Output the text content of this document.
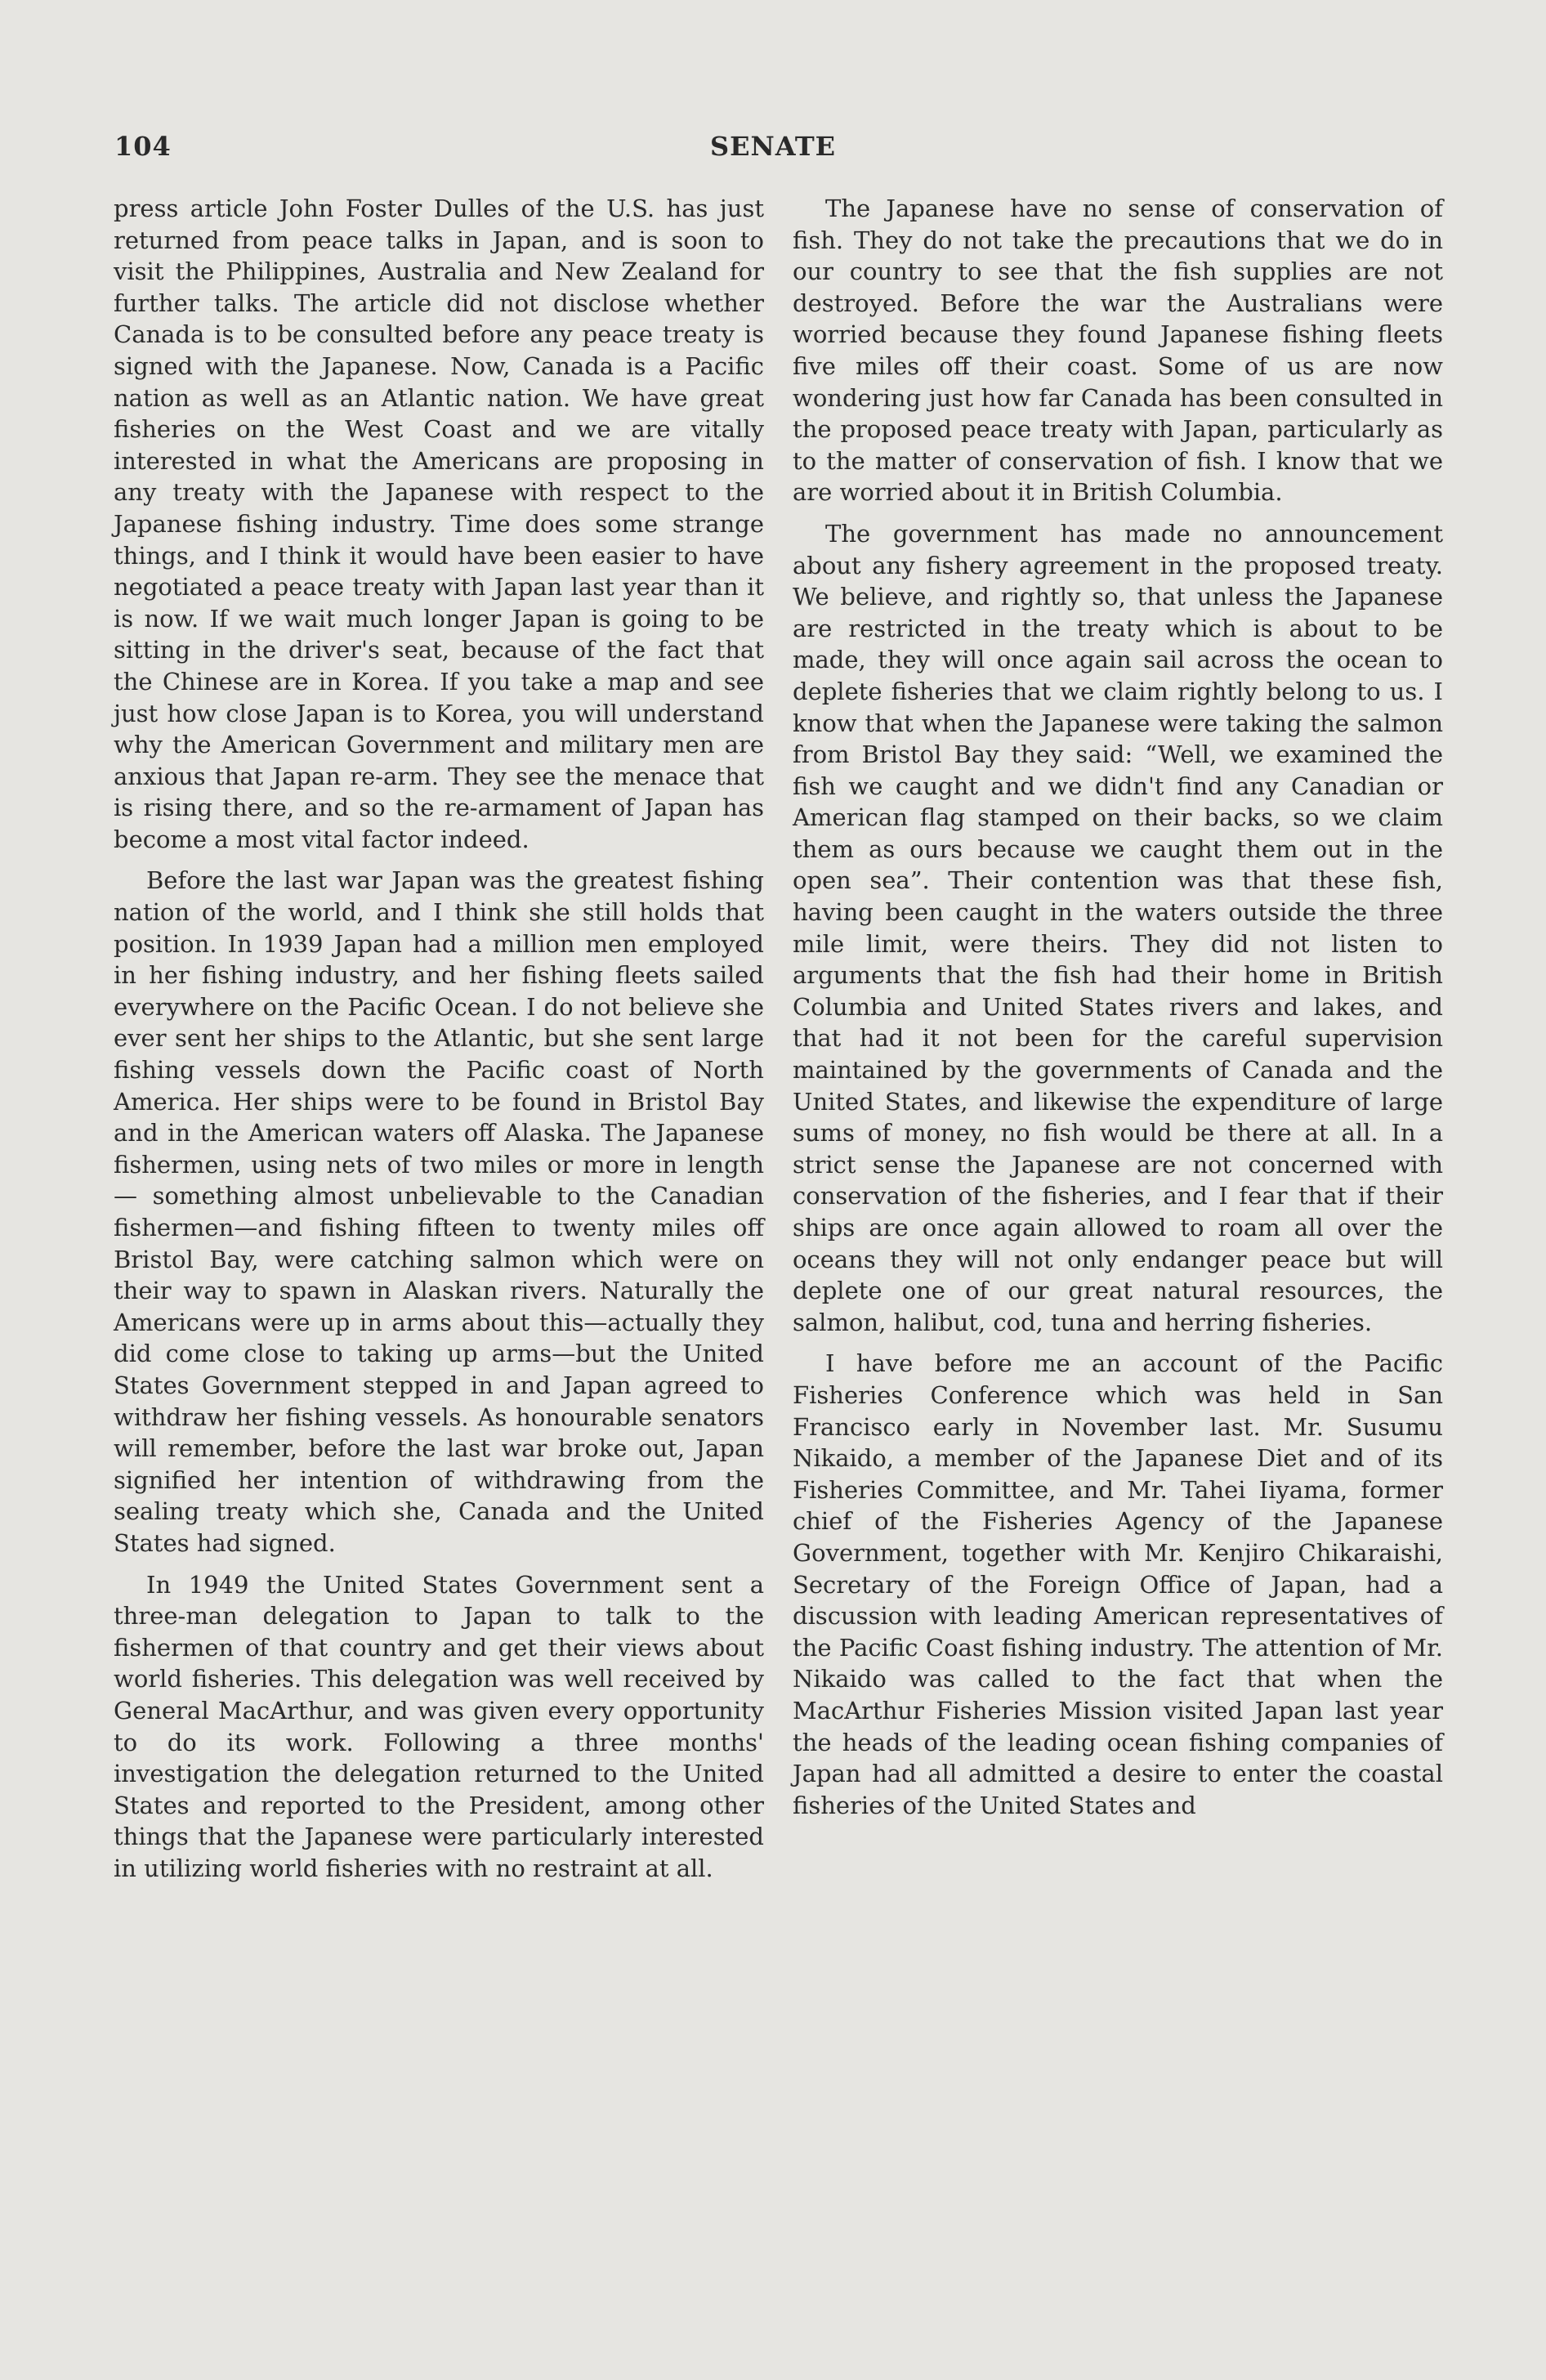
104	SENATE

press article John Foster Dulles of the U.S. has just returned from peace talks in Japan, and is soon to visit the Philippines, Australia and New Zealand for further talks. The article did not disclose whether Canada is to be consulted before any peace treaty is signed with the Japanese. Now, Canada is a Pacific nation as well as an Atlantic nation. We have great fisheries on the West Coast and we are vitally interested in what the Americans are proposing in any treaty with the Japanese with respect to the Japanese fishing industry. Time does some strange things, and I think it would have been easier to have negotiated a peace treaty with Japan last year than it is now. If we wait much longer Japan is going to be sitting in the driver's seat, because of the fact that the Chinese are in Korea. If you take a map and see just how close Japan is to Korea, you will understand why the American Government and military men are anxious that Japan re-arm. They see the menace that is rising there, and so the re-armament of Japan has become a most vital factor indeed.

Before the last war Japan was the greatest fishing nation of the world, and I think she still holds that position. In 1939 Japan had a million men employed in her fishing industry, and her fishing fleets sailed everywhere on the Pacific Ocean. I do not believe she ever sent her ships to the Atlantic, but she sent large fishing vessels down the Pacific coast of North America. Her ships were to be found in Bristol Bay and in the American waters off Alaska. The Japanese fishermen, using nets of two miles or more in length— something almost unbelievable to the Canadian fishermen—and fishing fifteen to twenty miles off Bristol Bay, were catching salmon which were on their way to spawn in Alaskan rivers. Naturally the Americans were up in arms about this—actually they did come close to taking up arms—but the United States Government stepped in and Japan agreed to withdraw her fishing vessels. As honourable senators will remember, before the last war broke out, Japan signified her intention of withdrawing from the sealing treaty which she, Canada and the United States had signed.

In 1949 the United States Government sent a three-man delegation to Japan to talk to the fishermen of that country and get their views about world fisheries. This delegation was well received by General MacArthur, and was given every opportunity to do its work. Following a three months' investigation the delegation returned to the United States and reported to the President, among other things that the Japanese were particularly interested in utilizing world fisheries with no restraint at all.

The Japanese have no sense of conservation of fish. They do not take the precautions that we do in our country to see that the fish supplies are not destroyed. Before the war the Australians were worried because they found Japanese fishing fleets five miles off their coast. Some of us are now wondering just how far Canada has been consulted in the proposed peace treaty with Japan, particularly as to the matter of conservation of fish. I know that we are worried about it in British Columbia.

The government has made no announcement about any fishery agreement in the proposed treaty. We believe, and rightly so, that unless the Japanese are restricted in the treaty which is about to be made, they will once again sail across the ocean to deplete fisheries that we claim rightly belong to us. I know that when the Japanese were taking the salmon from Bristol Bay they said: “Well, we examined the fish we caught and we didn't find any Canadian or American flag stamped on their backs, so we claim them as ours because we caught them out in the open sea”. Their contention was that these fish, having been caught in the waters outside the three mile limit, were theirs. They did not listen to arguments that the fish had their home in British Columbia and United States rivers and lakes, and that had it not been for the careful supervision maintained by the governments of Canada and the United States, and likewise the expenditure of large sums of money, no fish would be there at all. In a strict sense the Japanese are not concerned with conservation of the fisheries, and I fear that if their ships are once again allowed to roam all over the oceans they will not only endanger peace but will deplete one of our great natural resources, the salmon, halibut, cod, tuna and herring fisheries.

I have before me an account of the Pacific Fisheries Conference which was held in San Francisco early in November last. Mr. Susumu Nikaido, a member of the Japanese Diet and of its Fisheries Committee, and Mr. Tahei Iiyama, former chief of the Fisheries Agency of the Japanese Government, together with Mr. Kenjiro Chikaraishi, Secretary of the Foreign Office of Japan, had a discussion with leading American representatives of the Pacific Coast fishing industry. The attention of Mr. Nikaido was called to the fact that when the MacArthur Fisheries Mission visited Japan last year the heads of the leading ocean fishing companies of Japan had all admitted a desire to enter the coastal fisheries of the United States and
